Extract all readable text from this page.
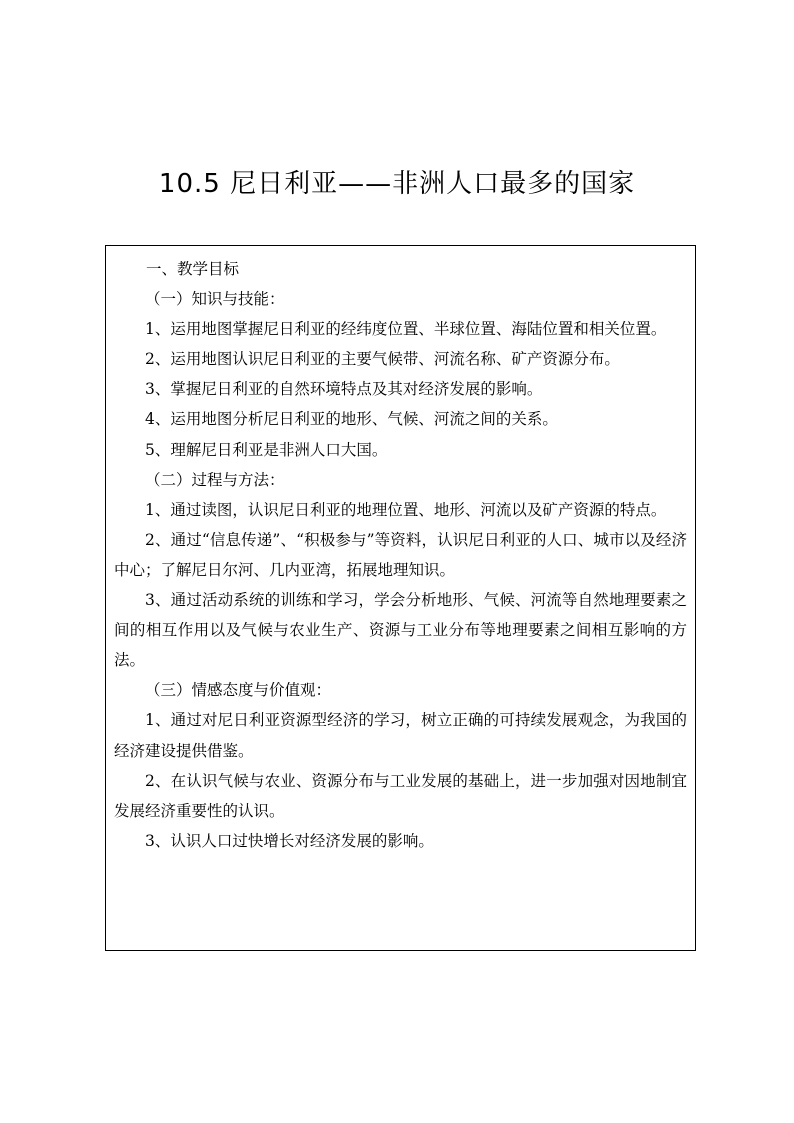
10.5 尼日利亚——非洲人口最多的国家

一、教学目标

（一）知识与技能：

1、运用地图掌握尼日利亚的经纬度位置、半球位置、海陆位置和相关位置。

2、运用地图认识尼日利亚的主要气候带、河流名称、矿产资源分布。

3、掌握尼日利亚的自然环境特点及其对经济发展的影响。

4、运用地图分析尼日利亚的地形、气候、河流之间的关系。

5、理解尼日利亚是非洲人口大国。

（二）过程与方法：

1、通过读图，认识尼日利亚的地理位置、地形、河流以及矿产资源的特点。

2、通过“信息传递”、“积极参与”等资料，认识尼日利亚的人口、城市以及经济中心；了解尼日尔河、几内亚湾，拓展地理知识。

3、通过活动系统的训练和学习，学会分析地形、气候、河流等自然地理要素之间的相互作用以及气候与农业生产、资源与工业分布等地理要素之间相互影响的方法。

（三）情感态度与价值观：

1、通过对尼日利亚资源型经济的学习，树立正确的可持续发展观念，为我国的经济建设提供借鉴。

2、在认识气候与农业、资源分布与工业发展的基础上，进一步加强对因地制宜发展经济重要性的认识。

3、认识人口过快增长对经济发展的影响。
